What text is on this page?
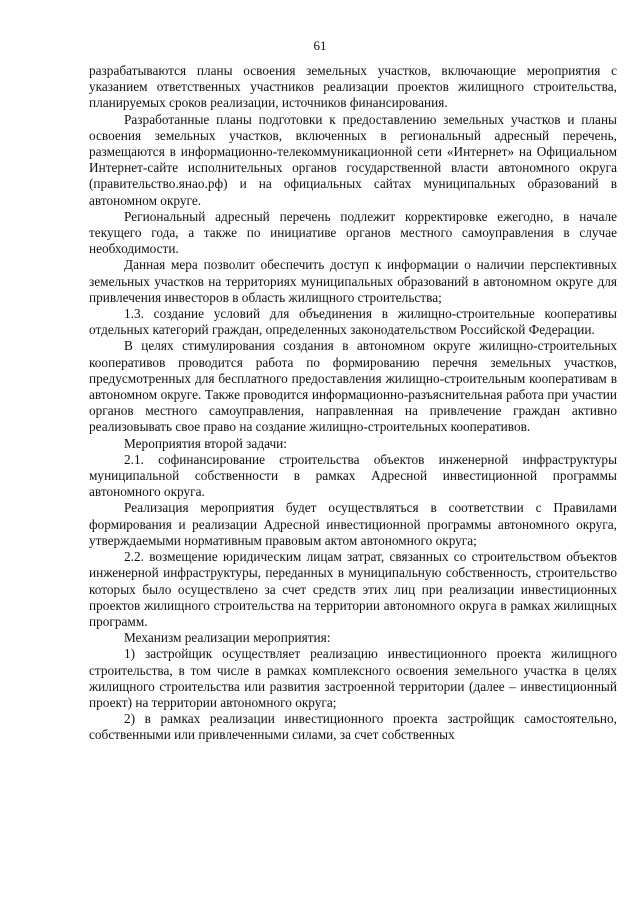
61

разрабатываются планы освоения земельных участков, включающие мероприятия с указанием ответственных участников реализации проектов жилищного строительства, планируемых сроков реализации, источников финансирования.

Разработанные планы подготовки к предоставлению земельных участков и планы освоения земельных участков, включенных в региональный адресный перечень, размещаются в информационно-телекоммуникационной сети «Интернет» на Официальном Интернет-сайте исполнительных органов государственной власти автономного округа (правительство.янао.рф) и на официальных сайтах муниципальных образований в автономном округе.

Региональный адресный перечень подлежит корректировке ежегодно, в начале текущего года, а также по инициативе органов местного самоуправления в случае необходимости.

Данная мера позволит обеспечить доступ к информации о наличии перспективных земельных участков на территориях муниципальных образований в автономном округе для привлечения инвесторов в область жилищного строительства;

1.3. создание условий для объединения в жилищно-строительные кооперативы отдельных категорий граждан, определенных законодательством Российской Федерации.

В целях стимулирования создания в автономном округе жилищно-строительных кооперативов проводится работа по формированию перечня земельных участков, предусмотренных для бесплатного предоставления жилищно-строительным кооперативам в автономном округе. Также проводится информационно-разъяснительная работа при участии органов местного самоуправления, направленная на привлечение граждан активно реализовывать свое право на создание жилищно-строительных кооперативов.

Мероприятия второй задачи:

2.1. софинансирование строительства объектов инженерной инфраструктуры муниципальной собственности в рамках Адресной инвестиционной программы автономного округа.

Реализация мероприятия будет осуществляться в соответствии с Правилами формирования и реализации Адресной инвестиционной программы автономного округа, утверждаемыми нормативным правовым актом автономного округа;

2.2. возмещение юридическим лицам затрат, связанных со строительством объектов инженерной инфраструктуры, переданных в муниципальную собственность, строительство которых было осуществлено за счет средств этих лиц при реализации инвестиционных проектов жилищного строительства на территории автономного округа в рамках жилищных программ.

Механизм реализации мероприятия:

1) застройщик осуществляет реализацию инвестиционного проекта жилищного строительства, в том числе в рамках комплексного освоения земельного участка в целях жилищного строительства или развития застроенной территории (далее – инвестиционный проект) на территории автономного округа;

2) в рамках реализации инвестиционного проекта застройщик самостоятельно, собственными или привлеченными силами, за счет собственных
